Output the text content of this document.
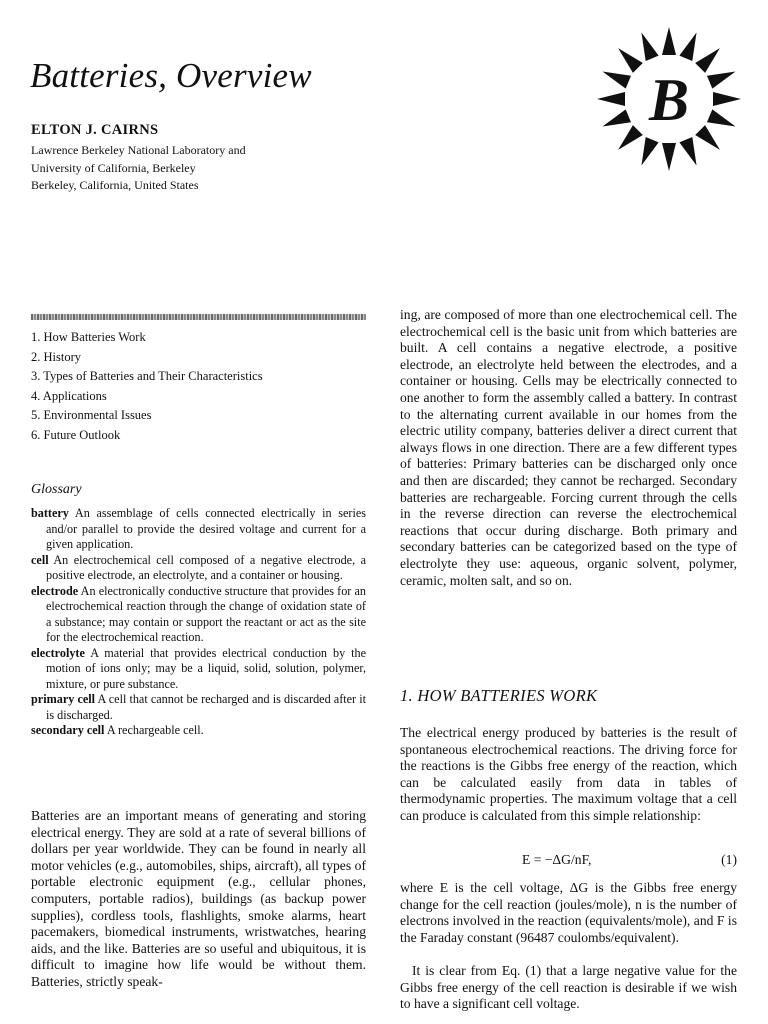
Batteries, Overview
ELTON J. CAIRNS
Lawrence Berkeley National Laboratory and
University of California, Berkeley
Berkeley, California, United States
B
1. How Batteries Work
2. History
3. Types of Batteries and Their Characteristics
4. Applications
5. Environmental Issues
6. Future Outlook
Glossary
battery An assemblage of cells connected electrically in series and/or parallel to provide the desired voltage and current for a given application.
cell An electrochemical cell composed of a negative electrode, a positive electrode, an electrolyte, and a container or housing.
electrode An electronically conductive structure that provides for an electrochemical reaction through the change of oxidation state of a substance; may contain or support the reactant or act as the site for the electrochemical reaction.
electrolyte A material that provides electrical conduction by the motion of ions only; may be a liquid, solid, solution, polymer, mixture, or pure substance.
primary cell A cell that cannot be recharged and is discarded after it is discharged.
secondary cell A rechargeable cell.

Batteries are an important means of generating and storing electrical energy. They are sold at a rate of several billions of dollars per year worldwide. They can be found in nearly all motor vehicles (e.g., automobiles, ships, aircraft), all types of portable electronic equipment (e.g., cellular phones, computers, portable radios), buildings (as backup power supplies), cordless tools, flashlights, smoke alarms, heart pacemakers, biomedical instruments, wristwatches, hearing aids, and the like. Batteries are so useful and ubiquitous, it is difficult to imagine how life would be without them. Batteries, strictly speak-

ing, are composed of more than one electrochemical cell. The electrochemical cell is the basic unit from which batteries are built. A cell contains a negative electrode, a positive electrode, an electrolyte held between the electrodes, and a container or housing. Cells may be electrically connected to one another to form the assembly called a battery. In contrast to the alternating current available in our homes from the electric utility company, batteries deliver a direct current that always flows in one direction. There are a few different types of batteries: Primary batteries can be discharged only once and then are discarded; they cannot be recharged. Secondary batteries are rechargeable. Forcing current through the cells in the reverse direction can reverse the electrochemical reactions that occur during discharge. Both primary and secondary batteries can be categorized based on the type of electrolyte they use: aqueous, organic solvent, polymer, ceramic, molten salt, and so on.

1. HOW BATTERIES WORK

The electrical energy produced by batteries is the result of spontaneous electrochemical reactions. The driving force for the reactions is the Gibbs free energy of the reaction, which can be calculated easily from data in tables of thermodynamic properties. The maximum voltage that a cell can produce is calculated from this simple relationship:

E = −ΔG/nF,	(1)

where E is the cell voltage, ΔG is the Gibbs free energy change for the cell reaction (joules/mole), n is the number of electrons involved in the reaction (equivalents/mole), and F is the Faraday constant (96487 coulombs/equivalent).

It is clear from Eq. (1) that a large negative value for the Gibbs free energy of the cell reaction is desirable if we wish to have a significant cell voltage.
